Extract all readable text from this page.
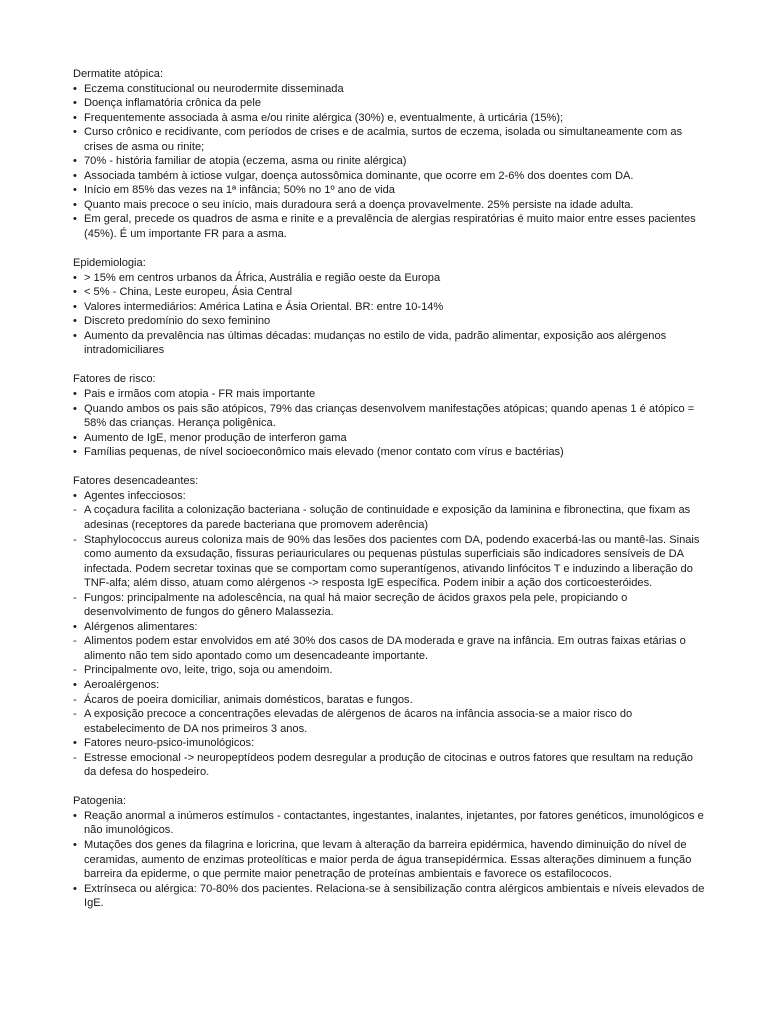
Dermatite atópica:

• Eczema constitucional ou neurodermite disseminada
• Doença inflamatória crônica da pele
• Frequentemente associada à asma e/ou rinite alérgica (30%) e, eventualmente, à urticária (15%);
• Curso crônico e recidivante, com períodos de crises e de acalmia, surtos de eczema, isolada ou simultaneamente com as crises de asma ou rinite;
• 70% - história familiar de atopia (eczema, asma ou rinite alérgica)
• Associada também à ictiose vulgar, doença autossômica dominante, que ocorre em 2-6% dos doentes com DA.
• Início em 85% das vezes na 1ª infância; 50% no 1º ano de vida
• Quanto mais precoce o seu início, mais duradoura será a doença provavelmente. 25% persiste na idade adulta.
• Em geral, precede os quadros de asma e rinite e a prevalência de alergias respiratórias é muito maior entre esses pacientes (45%). É um importante FR para a asma.

Epidemiologia:

• > 15% em centros urbanos da África, Austrália e região oeste da Europa
• < 5% - China, Leste europeu, Ásia Central
• Valores intermediários: América Latina e Ásia Oriental. BR: entre 10-14%
• Discreto predomínio do sexo feminino
• Aumento da prevalência nas últimas décadas: mudanças no estilo de vida, padrão alimentar, exposição aos alérgenos intradomiciliares

Fatores de risco:

• Pais e irmãos com atopia - FR mais importante
• Quando ambos os pais são atópicos, 79% das crianças desenvolvem manifestações atópicas; quando apenas 1 é atópico = 58% das crianças. Herança poligênica.
• Aumento de IgE, menor produção de interferon gama
• Famílias pequenas, de nível socioeconômico mais elevado (menor contato com vírus e bactérias)

Fatores desencadeantes:

• Agentes infecciosos:
- A coçadura facilita a colonização bacteriana - solução de continuidade e exposição da laminina e fibronectina, que fixam as adesinas (receptores da parede bacteriana que promovem aderência)
- Staphylococcus aureus coloniza mais de 90% das lesões dos pacientes com DA, podendo exacerbá-las ou mantê-las. Sinais como aumento da exsudação, fissuras periauriculares ou pequenas pústulas superficiais são indicadores sensíveis de DA infectada. Podem secretar toxinas que se comportam como superantígenos, ativando linfócitos T e induzindo a liberação do TNF-alfa; além disso, atuam como alérgenos -> resposta IgE específica. Podem inibir a ação dos corticoesteróides.
- Fungos: principalmente na adolescência, na qual há maior secreção de ácidos graxos pela pele, propiciando o desenvolvimento de fungos do gênero Malassezia.
• Alérgenos alimentares:
- Alimentos podem estar envolvidos em até 30% dos casos de DA moderada e grave na infância. Em outras faixas etárias o alimento não tem sido apontado como um desencadeante importante.
- Principalmente ovo, leite, trigo, soja ou amendoim.
• Aeroalérgenos:
- Ácaros de poeira domiciliar, animais domésticos, baratas e fungos.
- A exposição precoce a concentrações elevadas de alérgenos de ácaros na infância associa-se a maior risco do estabelecimento de DA nos primeiros 3 anos.
• Fatores neuro-psico-imunológicos:
- Estresse emocional -> neuropeptídeos podem desregular a produção de citocinas e outros fatores que resultam na redução da defesa do hospedeiro.

Patogenia:

• Reação anormal a inúmeros estímulos - contactantes, ingestantes, inalantes, injetantes, por fatores genéticos, imunológicos e não imunológicos.
• Mutações dos genes da filagrina e loricrina, que levam à alteração da barreira epidérmica, havendo diminuição do nível de ceramidas, aumento de enzimas proteolíticas e maior perda de água transepidérmica. Essas alterações diminuem a função barreira da epiderme, o que permite maior penetração de proteínas ambientais e favorece os estafilococos.
• Extrínseca ou alérgica: 70-80% dos pacientes. Relaciona-se à sensibilização contra alérgicos ambientais e níveis elevados de IgE.
